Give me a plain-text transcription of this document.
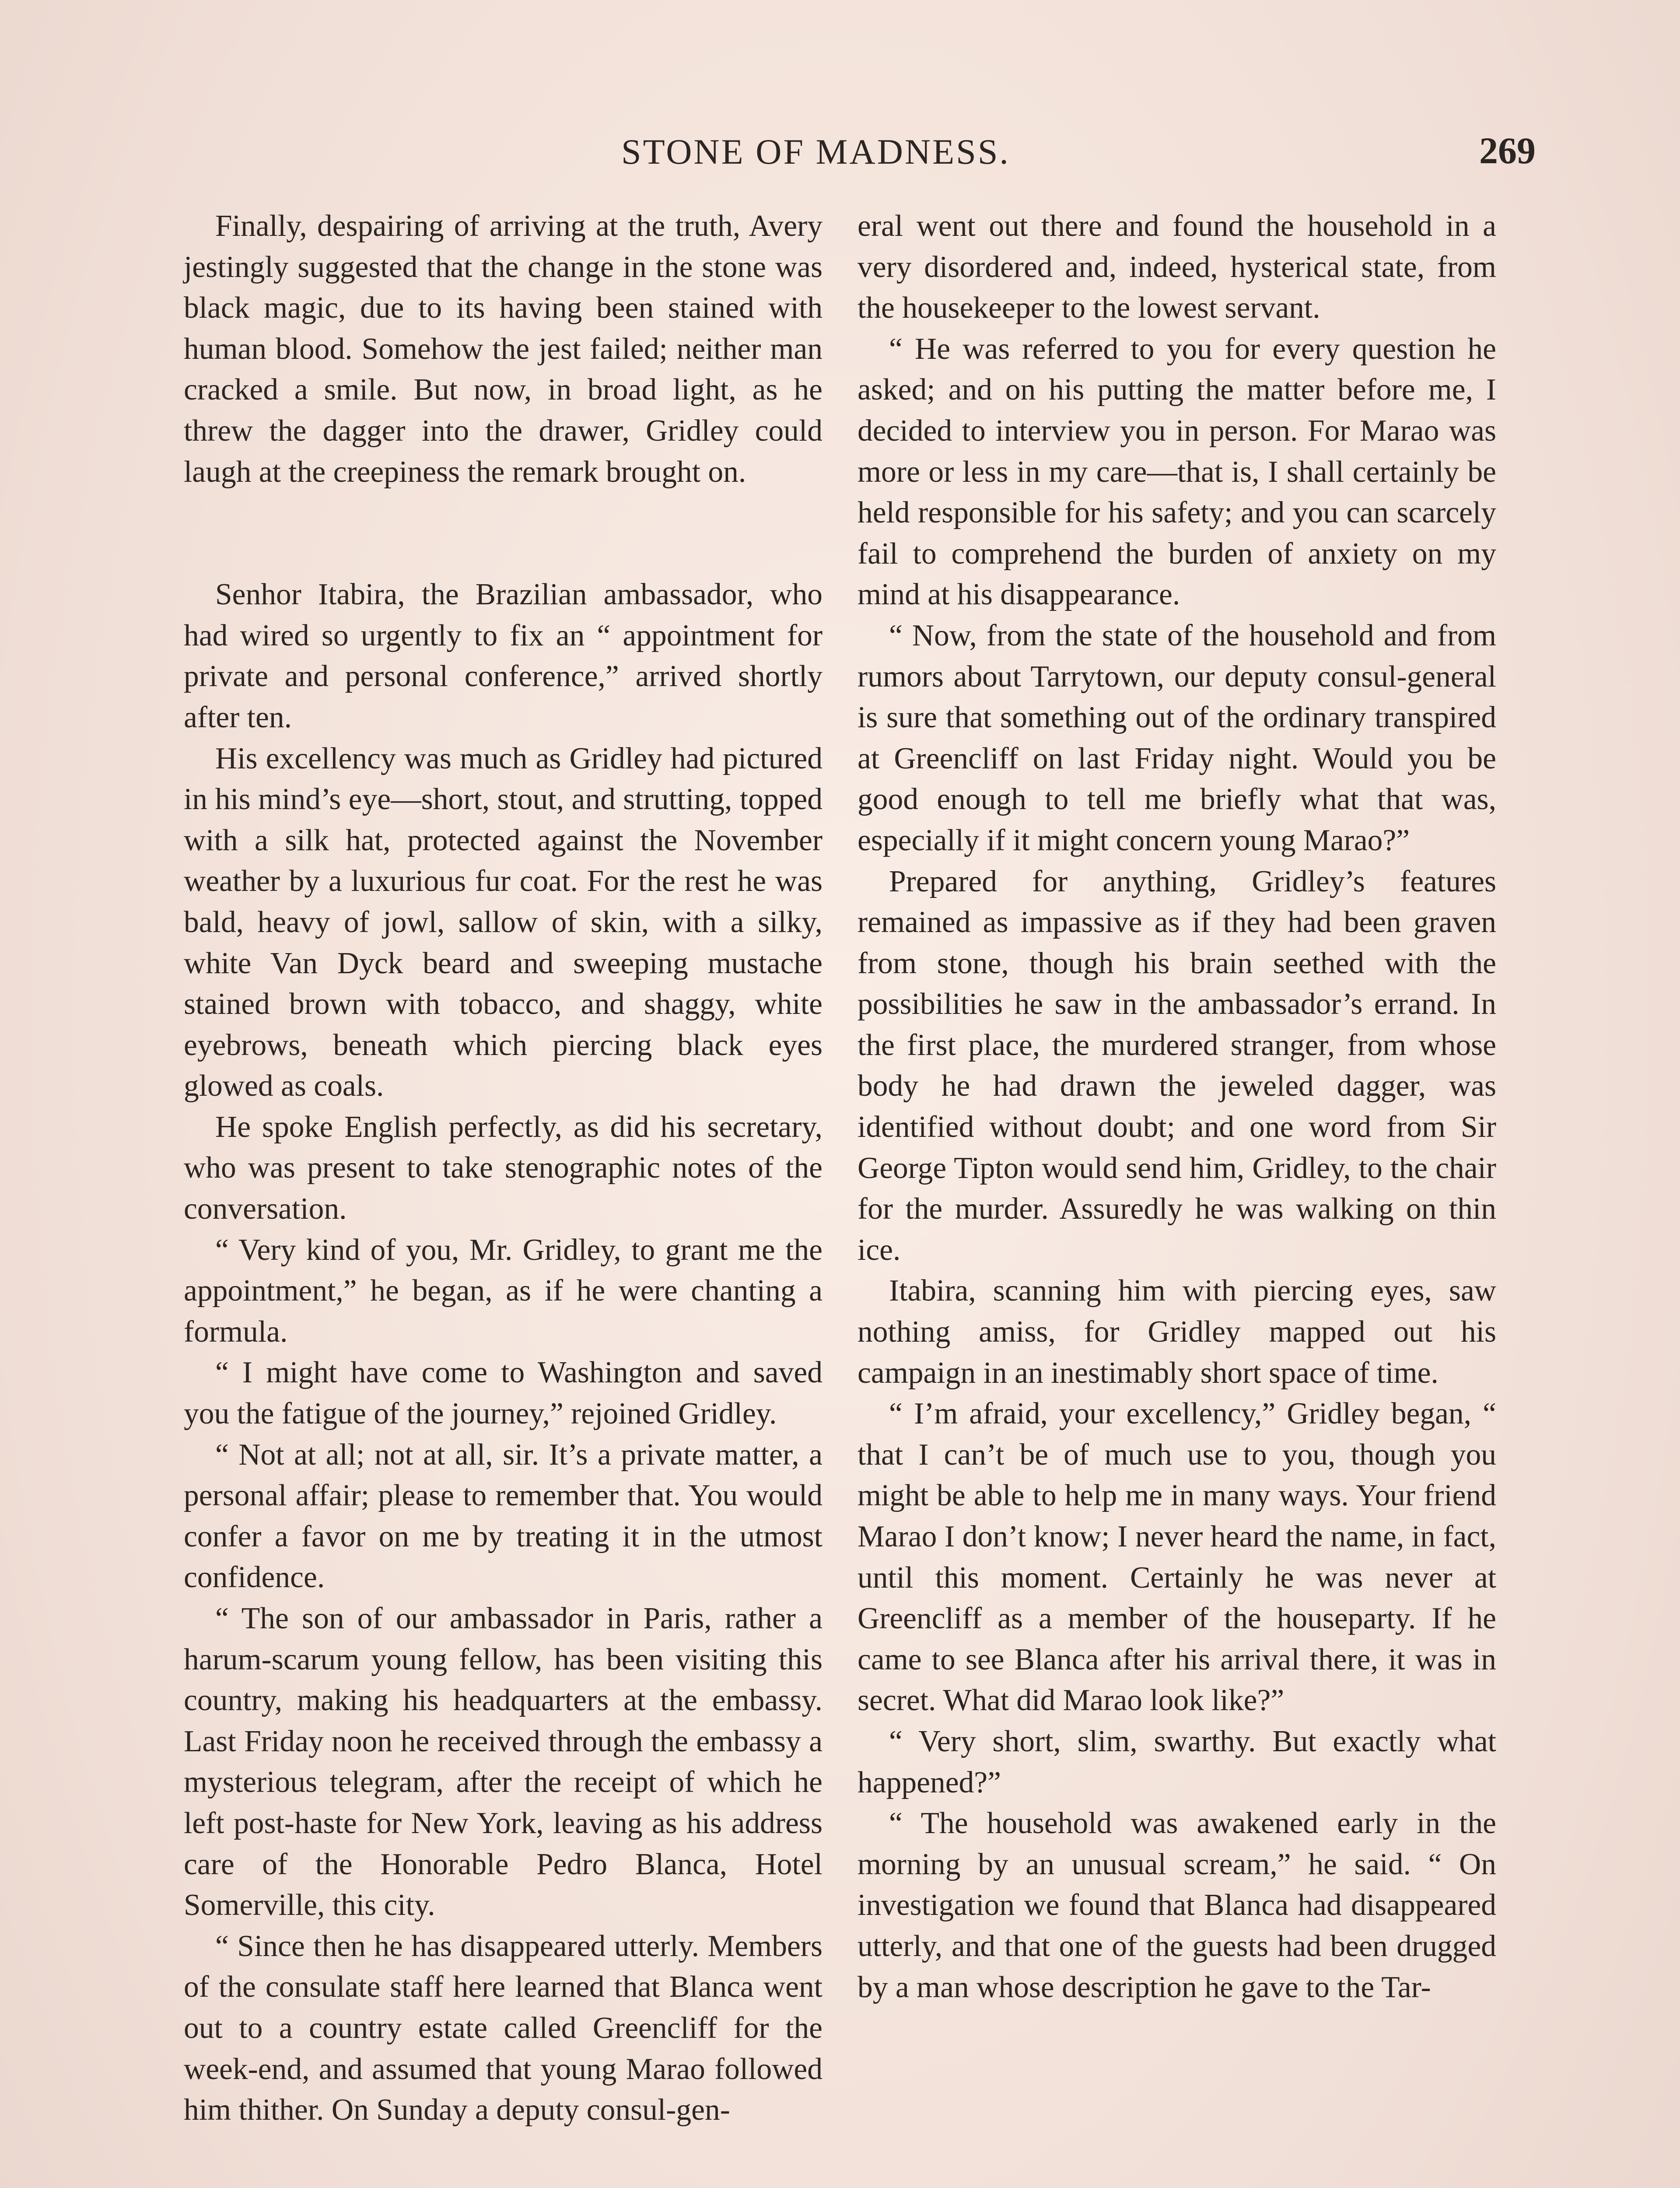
STONE OF MADNESS.	269

Finally, despairing of arriving at the truth, Avery jestingly suggested that the change in the stone was black magic, due to its having been stained with human blood. Somehow the jest failed; neither man cracked a smile. But now, in broad light, as he threw the dagger into the drawer, Gridley could laugh at the creepiness the remark brought on.

Senhor Itabira, the Brazilian ambassador, who had wired so urgently to fix an “ appointment for private and personal conference,” arrived shortly after ten.

His excellency was much as Gridley had pictured in his mind’s eye—short, stout, and strutting, topped with a silk hat, protected against the November weather by a luxurious fur coat. For the rest he was bald, heavy of jowl, sallow of skin, with a silky, white Van Dyck beard and sweeping mustache stained brown with tobacco, and shaggy, white eyebrows, beneath which piercing black eyes glowed as coals.

He spoke English perfectly, as did his secretary, who was present to take stenographic notes of the conversation.

“ Very kind of you, Mr. Gridley, to grant me the appointment,” he began, as if he were chanting a formula.

“ I might have come to Washington and saved you the fatigue of the journey,” rejoined Gridley.

“ Not at all; not at all, sir. It’s a private matter, a personal affair; please to remember that. You would confer a favor on me by treating it in the utmost confidence.

“ The son of our ambassador in Paris, rather a harum-scarum young fellow, has been visiting this country, making his headquarters at the embassy. Last Friday noon he received through the embassy a mysterious telegram, after the receipt of which he left post-haste for New York, leaving as his address care of the Honorable Pedro Blanca, Hotel Somerville, this city.

“ Since then he has disappeared utterly. Members of the consulate staff here learned that Blanca went out to a country estate called Greencliff for the week-end, and assumed that young Marao followed him thither. On Sunday a deputy consul-gen-

eral went out there and found the household in a very disordered and, indeed, hysterical state, from the housekeeper to the lowest servant.

“ He was referred to you for every question he asked; and on his putting the matter before me, I decided to interview you in person. For Marao was more or less in my care—that is, I shall certainly be held responsible for his safety; and you can scarcely fail to comprehend the burden of anxiety on my mind at his disappearance.

“ Now, from the state of the household and from rumors about Tarrytown, our deputy consul-general is sure that something out of the ordinary transpired at Greencliff on last Friday night. Would you be good enough to tell me briefly what that was, especially if it might concern young Marao?”

Prepared for anything, Gridley’s features remained as impassive as if they had been graven from stone, though his brain seethed with the possibilities he saw in the ambassador’s errand. In the first place, the murdered stranger, from whose body he had drawn the jeweled dagger, was identified without doubt; and one word from Sir George Tipton would send him, Gridley, to the chair for the murder. Assuredly he was walking on thin ice.

Itabira, scanning him with piercing eyes, saw nothing amiss, for Gridley mapped out his campaign in an inestimably short space of time.

“ I’m afraid, your excellency,” Gridley began, “ that I can’t be of much use to you, though you might be able to help me in many ways. Your friend Marao I don’t know; I never heard the name, in fact, until this moment. Certainly he was never at Greencliff as a member of the houseparty. If he came to see Blanca after his arrival there, it was in secret. What did Marao look like?”

“ Very short, slim, swarthy. But exactly what happened?”

“ The household was awakened early in the morning by an unusual scream,” he said. “ On investigation we found that Blanca had disappeared utterly, and that one of the guests had been drugged by a man whose description he gave to the Tar-
